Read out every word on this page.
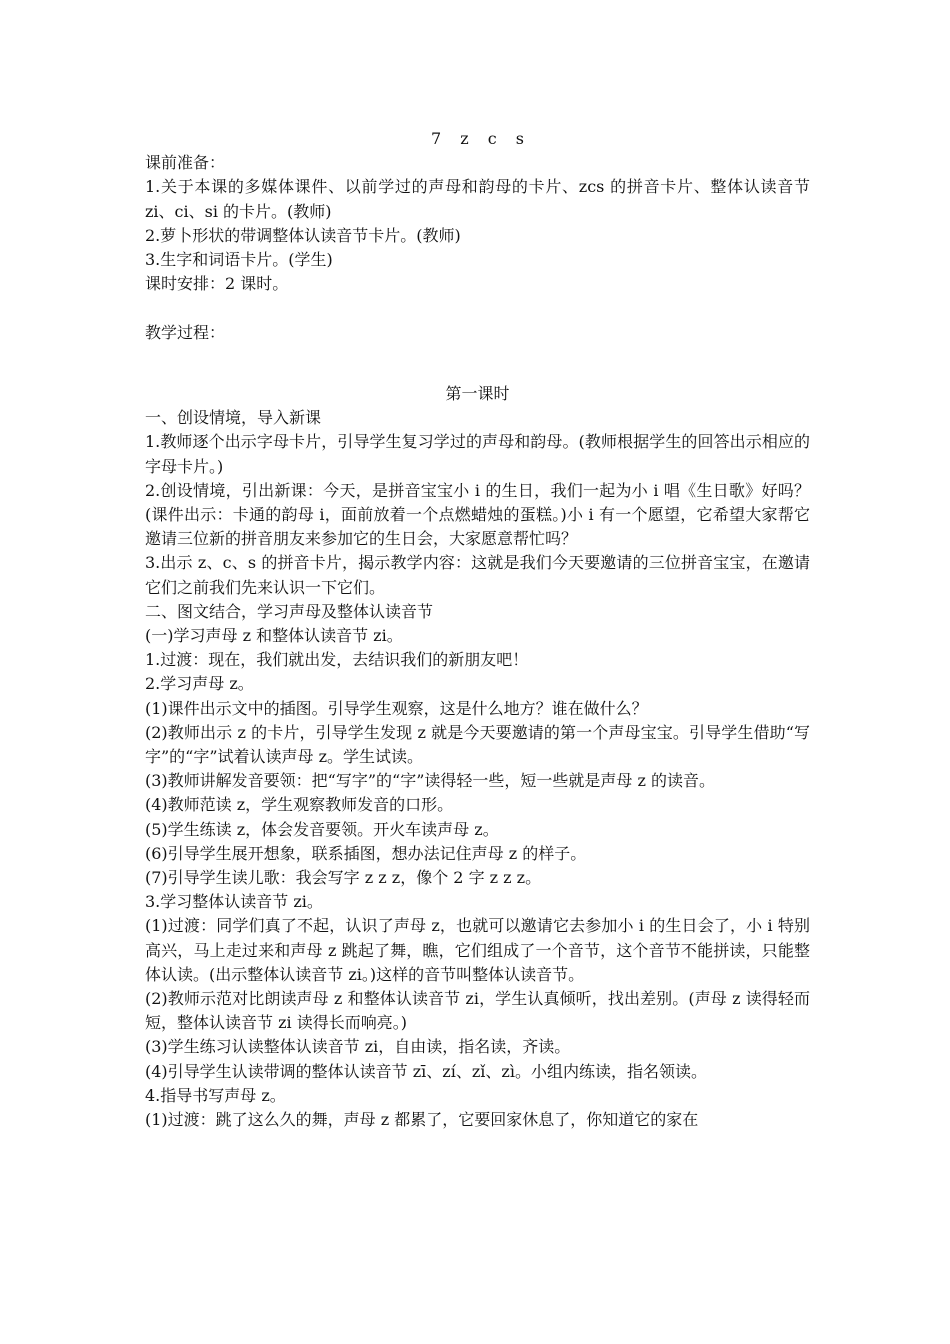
7 z c s

课前准备：

1.关于本课的多媒体课件、以前学过的声母和韵母的卡片、zcs 的拼音卡片、整体认读音节 zi、ci、si 的卡片。(教师)

2.萝卜形状的带调整体认读音节卡片。(教师)

3.生字和词语卡片。(学生)

课时安排：2 课时。

教学过程：

第一课时

一、创设情境，导入新课

1.教师逐个出示字母卡片，引导学生复习学过的声母和韵母。(教师根据学生的回答出示相应的字母卡片。)

2.创设情境，引出新课：今天，是拼音宝宝小 i 的生日，我们一起为小 i 唱《生日歌》好吗？(课件出示：卡通的韵母 i，面前放着一个点燃蜡烛的蛋糕。)小 i 有一个愿望，它希望大家帮它邀请三位新的拼音朋友来参加它的生日会，大家愿意帮忙吗？

3.出示 z、c、s 的拼音卡片，揭示教学内容：这就是我们今天要邀请的三位拼音宝宝，在邀请它们之前我们先来认识一下它们。

二、图文结合，学习声母及整体认读音节

(一)学习声母 z 和整体认读音节 zi。

1.过渡：现在，我们就出发，去结识我们的新朋友吧！

2.学习声母 z。

(1)课件出示文中的插图。引导学生观察，这是什么地方？谁在做什么？

(2)教师出示 z 的卡片，引导学生发现 z 就是今天要邀请的第一个声母宝宝。引导学生借助“写字”的“字”试着认读声母 z。学生试读。

(3)教师讲解发音要领：把“写字”的“字”读得轻一些，短一些就是声母 z 的读音。

(4)教师范读 z，学生观察教师发音的口形。

(5)学生练读 z，体会发音要领。开火车读声母 z。

(6)引导学生展开想象，联系插图，想办法记住声母 z 的样子。

(7)引导学生读儿歌：我会写字 z z z，像个 2 字 z z z。

3.学习整体认读音节 zi。

(1)过渡：同学们真了不起，认识了声母 z，也就可以邀请它去参加小 i 的生日会了，小 i 特别高兴，马上走过来和声母 z 跳起了舞，瞧，它们组成了一个音节，这个音节不能拼读，只能整体认读。(出示整体认读音节 zi。)这样的音节叫整体认读音节。

(2)教师示范对比朗读声母 z 和整体认读音节 zi，学生认真倾听，找出差别。(声母 z 读得轻而短，整体认读音节 zi 读得长而响亮。)

(3)学生练习认读整体认读音节 zi，自由读，指名读，齐读。

(4)引导学生认读带调的整体认读音节 zī、zí、zǐ、zì。小组内练读，指名领读。

4.指导书写声母 z。

(1)过渡：跳了这么久的舞，声母 z 都累了，它要回家休息了，你知道它的家在
